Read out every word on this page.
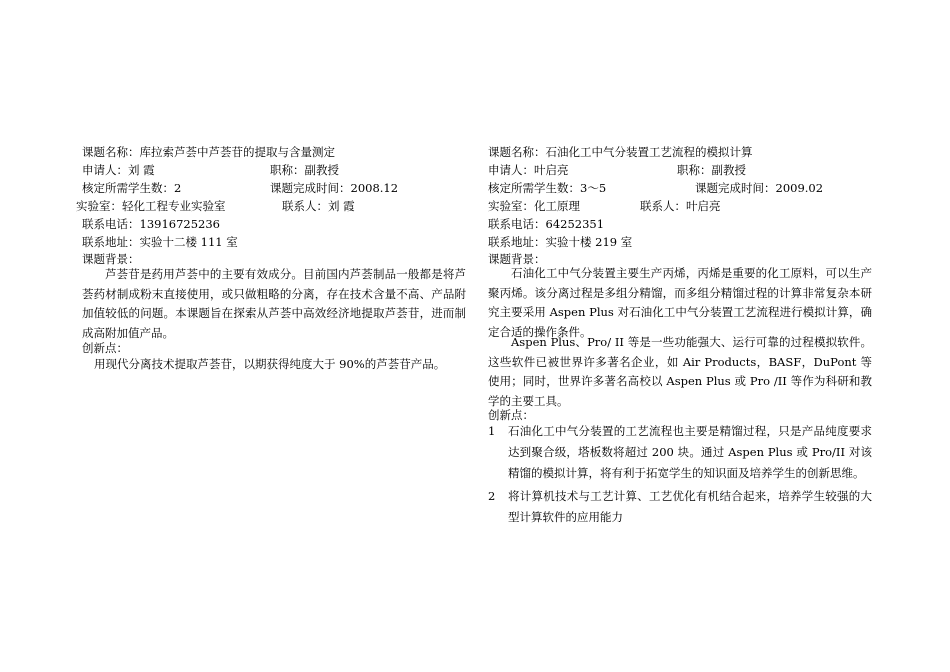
课题名称：库拉索芦荟中芦荟苷的提取与含量测定
申请人：刘 霞	职称：副教授
核定所需学生数：2	课题完成时间：2008.12
实验室：轻化工程专业实验室	联系人：刘 霞
联系电话：13916725236
联系地址：实验十二楼 111 室
课题背景：
芦荟苷是药用芦荟中的主要有效成分。目前国内芦荟制品一般都是将芦荟药材制成粉末直接使用，或只做粗略的分离，存在技术含量不高、产品附加值较低的问题。本课题旨在探索从芦荟中高效经济地提取芦荟苷，进而制成高附加值产品。
创新点：
用现代分离技术提取芦荟苷，以期获得纯度大于 90%的芦荟苷产品。
课题名称：石油化工中气分装置工艺流程的模拟计算
申请人：叶启亮	职称：副教授
核定所需学生数：3～5	课题完成时间：2009.02
实验室：化工原理	联系人：叶启亮
联系电话：64252351
联系地址：实验十楼 219 室
课题背景：
石油化工中气分装置主要生产丙烯，丙烯是重要的化工原料，可以生产聚丙烯。该分离过程是多组分精馏，而多组分精馏过程的计算非常复杂本研究主要采用 Aspen Plus 对石油化工中气分装置工艺流程进行模拟计算，确定合适的操作条件。
Aspen Plus、Pro/ II 等是一些功能强大、运行可靠的过程模拟软件。这些软件已被世界许多著名企业，如 Air Products，BASF，DuPont 等使用；同时，世界许多著名高校以 Aspen Plus 或 Pro /II 等作为科研和教学的主要工具。
创新点：
1 石油化工中气分装置的工艺流程也主要是精馏过程，只是产品纯度要求达到聚合级，塔板数将超过 200 块。通过 Aspen Plus 或 Pro/II 对该精馏的模拟计算，将有利于拓宽学生的知识面及培养学生的创新思维。
2 将计算机技术与工艺计算、工艺优化有机结合起来，培养学生较强的大型计算软件的应用能力
